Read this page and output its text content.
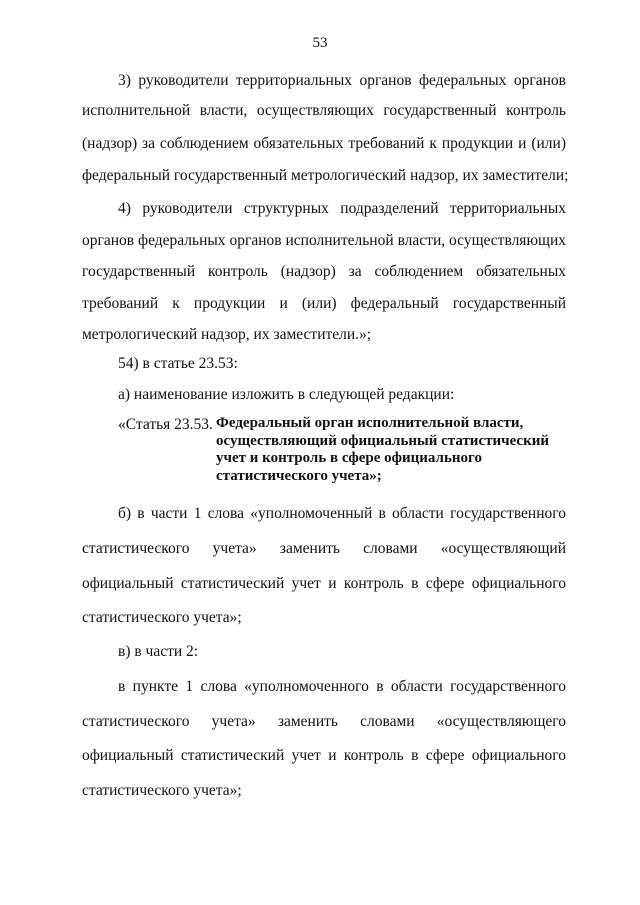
53
3) руководители территориальных органов федеральных органов
исполнительной власти, осуществляющих государственный контроль
(надзор) за соблюдением обязательных требований к продукции и (или)
федеральный государственный метрологический надзор, их заместители;
4) руководители структурных подразделений территориальных
органов федеральных органов исполнительной власти, осуществляющих
государственный контроль (надзор) за соблюдением обязательных
требований к продукции и (или) федеральный государственный
метрологический надзор, их заместители.»;
54) в статье 23.53:
а) наименование изложить в следующей редакции:
«Статья 23.53. Федеральный орган исполнительной власти,
осуществляющий официальный статистический
учет и контроль в сфере официального
статистического учета»;
б) в части 1 слова «уполномоченный в области государственного
статистического учета» заменить словами «осуществляющий
официальный статистический учет и контроль в сфере официального
статистического учета»;
в) в части 2:
в пункте 1 слова «уполномоченного в области государственного
статистического учета» заменить словами «осуществляющего
официальный статистический учет и контроль в сфере официального
статистического учета»;
